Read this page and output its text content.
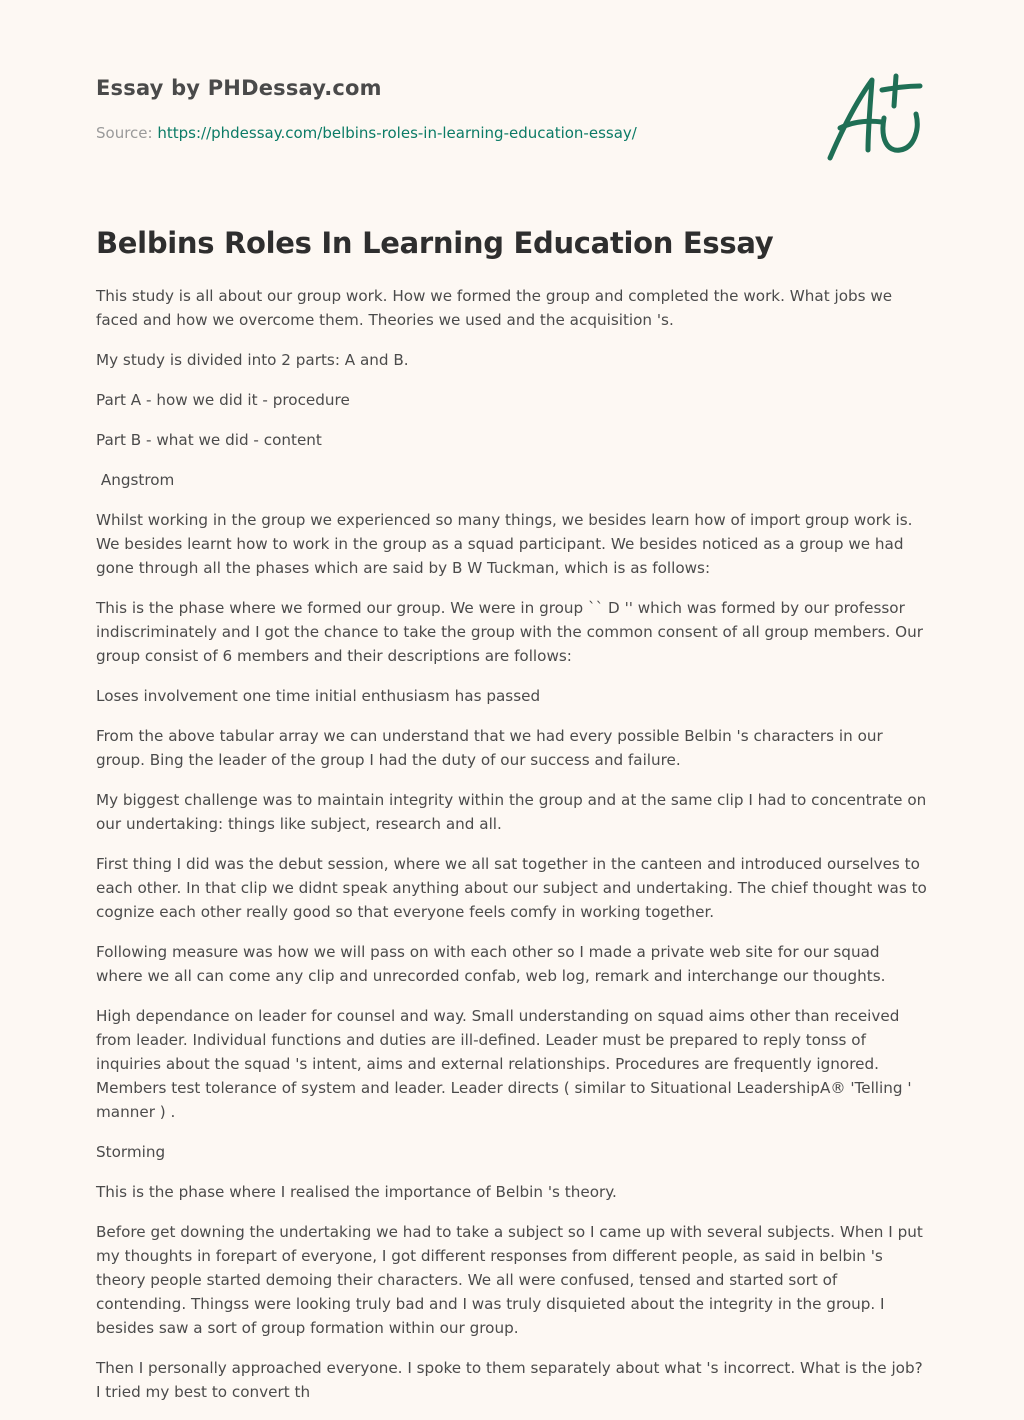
Essay by PHDessay.com
Source: https://phdessay.com/belbins-roles-in-learning-education-essay/
Belbins Roles In Learning Education Essay

This study is all about our group work. How we formed the group and completed the work. What jobs we faced and how we overcome them. Theories we used and the acquisition 's.

My study is divided into 2 parts: A and B.

Part A - how we did it - procedure

Part B - what we did - content

Angstrom

Whilst working in the group we experienced so many things, we besides learn how of import group work is. We besides learnt how to work in the group as a squad participant. We besides noticed as a group we had gone through all the phases which are said by B W Tuckman, which is as follows:

This is the phase where we formed our group. We were in group `` D '' which was formed by our professor indiscriminately and I got the chance to take the group with the common consent of all group members. Our group consist of 6 members and their descriptions are follows:

Loses involvement one time initial enthusiasm has passed

From the above tabular array we can understand that we had every possible Belbin 's characters in our group. Bing the leader of the group I had the duty of our success and failure.

My biggest challenge was to maintain integrity within the group and at the same clip I had to concentrate on our undertaking: things like subject, research and all.

First thing I did was the debut session, where we all sat together in the canteen and introduced ourselves to each other. In that clip we didnt speak anything about our subject and undertaking. The chief thought was to cognize each other really good so that everyone feels comfy in working together.

Following measure was how we will pass on with each other so I made a private web site for our squad where we all can come any clip and unrecorded confab, web log, remark and interchange our thoughts.

High dependance on leader for counsel and way. Small understanding on squad aims other than received from leader. Individual functions and duties are ill-defined. Leader must be prepared to reply tonss of inquiries about the squad 's intent, aims and external relationships. Procedures are frequently ignored. Members test tolerance of system and leader. Leader directs ( similar to Situational LeadershipA® 'Telling ' manner ) .

Storming

This is the phase where I realised the importance of Belbin 's theory.

Before get downing the undertaking we had to take a subject so I came up with several subjects. When I put my thoughts in forepart of everyone, I got different responses from different people, as said in belbin 's theory people started demoing their characters. We all were confused, tensed and started sort of contending. Thingss were looking truly bad and I was truly disquieted about the integrity in the group. I besides saw a sort of group formation within our group.

Then I personally approached everyone. I spoke to them separately about what 's incorrect. What is the job? I tried my best to convert th
